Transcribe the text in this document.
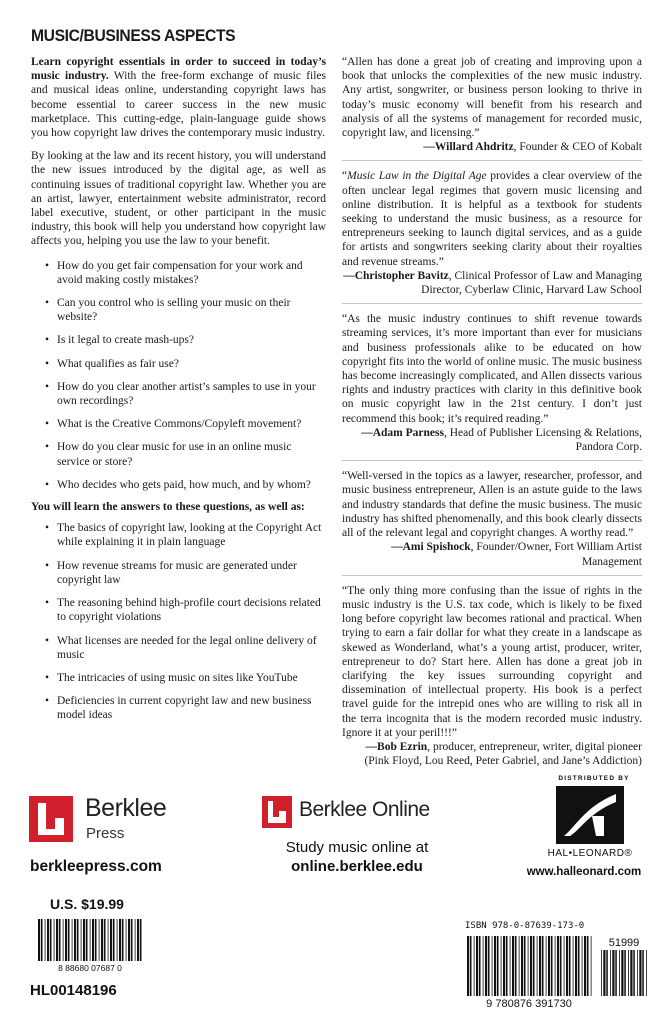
MUSIC/BUSINESS ASPECTS

Learn copyright essentials in order to succeed in today’s music industry. With the free-form exchange of music files and musical ideas online, understanding copyright laws has become essential to career success in the new music marketplace. This cutting-edge, plain-language guide shows you how copyright law drives the contemporary music industry.

By looking at the law and its recent history, you will understand the new issues introduced by the digital age, as well as continuing issues of traditional copyright law. Whether you are an artist, lawyer, entertainment website administrator, record label executive, student, or other participant in the music industry, this book will help you understand how copyright law affects you, helping you use the law to your benefit.

• How do you get fair compensation for your work and avoid making costly mistakes?
• Can you control who is selling your music on their website?
• Is it legal to create mash-ups?
• What qualifies as fair use?
• How do you clear another artist’s samples to use in your own recordings?
• What is the Creative Commons/Copyleft movement?
• How do you clear music for use in an online music service or store?
• Who decides who gets paid, how much, and by whom?

You will learn the answers to these questions, as well as:

• The basics of copyright law, looking at the Copyright Act while explaining it in plain language
• How revenue streams for music are generated under copyright law
• The reasoning behind high-profile court decisions related to copyright violations
• What licenses are needed for the legal online delivery of music
• The intricacies of using music on sites like YouTube
• Deficiencies in current copyright law and new business model ideas

“Allen has done a great job of creating and improving upon a book that unlocks the complexities of the new music industry. Any artist, songwriter, or business person looking to thrive in today’s music economy will benefit from his research and analysis of all the systems of management for recorded music, copyright law, and licensing.”

—Willard Ahdritz, Founder & CEO of Kobalt

“Music Law in the Digital Age provides a clear overview of the often unclear legal regimes that govern music licensing and online distribution. It is helpful as a textbook for students seeking to understand the music business, as a resource for entrepreneurs seeking to launch digital services, and as a guide for artists and songwriters seeking clarity about their royalties and revenue streams.”

—Christopher Bavitz, Clinical Professor of Law and Managing Director, Cyberlaw Clinic, Harvard Law School

“As the music industry continues to shift revenue towards streaming services, it’s more important than ever for musicians and business professionals alike to be educated on how copyright fits into the world of online music. The music business has become increasingly complicated, and Allen dissects various rights and industry practices with clarity in this definitive book on music copyright law in the 21st century. I don’t just recommend this book; it’s required reading.”

—Adam Parness, Head of Publisher Licensing & Relations, Pandora Corp.

“Well-versed in the topics as a lawyer, researcher, professor, and music business entrepreneur, Allen is an astute guide to the laws and industry standards that define the music business. The music industry has shifted phenomenally, and this book clearly dissects all of the relevant legal and copyright changes. A worthy read.”

—Ami Spishock, Founder/Owner, Fort William Artist Management

“The only thing more confusing than the issue of rights in the music industry is the U.S. tax code, which is likely to be fixed long before copyright law becomes rational and practical. When trying to earn a fair dollar for what they create in a landscape as skewed as Wonderland, what’s a young artist, producer, writer, entrepreneur to do? Start here. Allen has done a great job in clarifying the key issues surrounding copyright and dissemination of intellectual property. His book is a perfect travel guide for the intrepid ones who are willing to risk all in the terra incognita that is the modern recorded music industry. Ignore it at your peril!!!”

—Bob Ezrin, producer, entrepreneur, writer, digital pioneer (Pink Floyd, Lou Reed, Peter Gabriel, and Jane’s Addiction)

Berklee
Press
berkleepress.com
Berklee Online
Study music online at
online.berklee.edu
DISTRIBUTED BY
HAL•LEONARD®
www.halleonard.com
U.S. $19.99
8 88680 07687 0
HL00148196
ISBN 978-0-87639-173-0
51999
9 780876 391730
